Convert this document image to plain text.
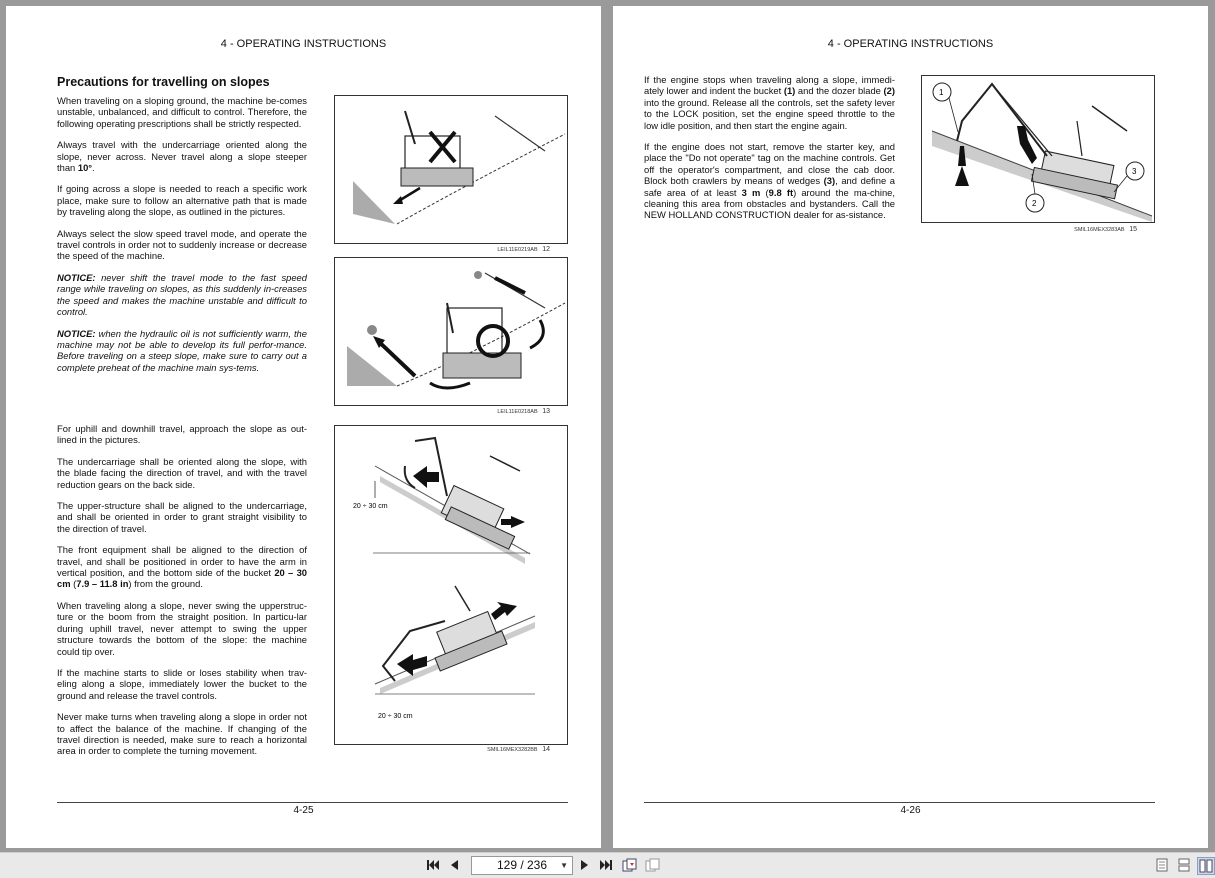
4 - OPERATING INSTRUCTIONS
Precautions for travelling on slopes

When traveling on a sloping ground, the machine be-comes unstable, unbalanced, and difficult to control. Therefore, the following operating prescriptions shall be strictly respected.

Always travel with the undercarriage oriented along the slope, never across. Never travel along a slope steeper than 10°.

If going across a slope is needed to reach a specific work place, make sure to follow an alternative path that is made by traveling along the slope, as outlined in the pictures.

Always select the slow speed travel mode, and operate the travel controls in order not to suddenly increase or decrease the speed of the machine.

NOTICE: never shift the travel mode to the fast speed range while traveling on slopes, as this suddenly in-creases the speed and makes the machine unstable and difficult to control.

NOTICE: when the hydraulic oil is not sufficiently warm, the machine may not be able to develop its full perfor-mance. Before traveling on a steep slope, make sure to carry out a complete preheat of the machine main sys-tems.

For uphill and downhill travel, approach the slope as out-lined in the pictures.

The undercarriage shall be oriented along the slope, with the blade facing the direction of travel, and with the travel reduction gears on the back side.

The upper-structure shall be aligned to the undercarriage, and shall be oriented in order to grant straight visibility to the direction of travel.

The front equipment shall be aligned to the direction of travel, and shall be positioned in order to have the arm in vertical position, and the bottom side of the bucket 20 – 30 cm (7.9 – 11.8 in) from the ground.

When traveling along a slope, never swing the upperstruc-ture or the boom from the straight position. In particu-lar during uphill travel, never attempt to swing the upper structure towards the bottom of the slope: the machine could tip over.

If the machine starts to slide or loses stability when trav-eling along a slope, immediately lower the bucket to the ground and release the travel controls.

Never make turns when traveling along a slope in order not to affect the balance of the machine. If changing of the travel direction is needed, make sure to reach a horizontal area in order to complete the turning movement.

LEIL11E0219AB 12
LEIL11E0218AB 13
20 ÷ 30 cm
20 ÷ 30 cm
SMIL16MEX3282BB 14
4-25
4 - OPERATING INSTRUCTIONS

If the engine stops when traveling along a slope, immedi-ately lower and indent the bucket (1) and the dozer blade (2) into the ground. Release all the controls, set the safety lever to the LOCK position, set the engine speed throttle to the low idle position, and then start the engine again.

If the engine does not start, remove the starter key, and place the "Do not operate" tag on the machine controls. Get off the operator's compartment, and close the cab door. Block both crawlers by means of wedges (3), and define a safe area of at least 3 m (9.8 ft) around the ma-chine, cleaning this area from obstacles and bystanders. Call the NEW HOLLAND CONSTRUCTION dealer for as-sistance.

1
2
3
SMIL16MEX3283AB 15
4-26
129 / 236 ▼
